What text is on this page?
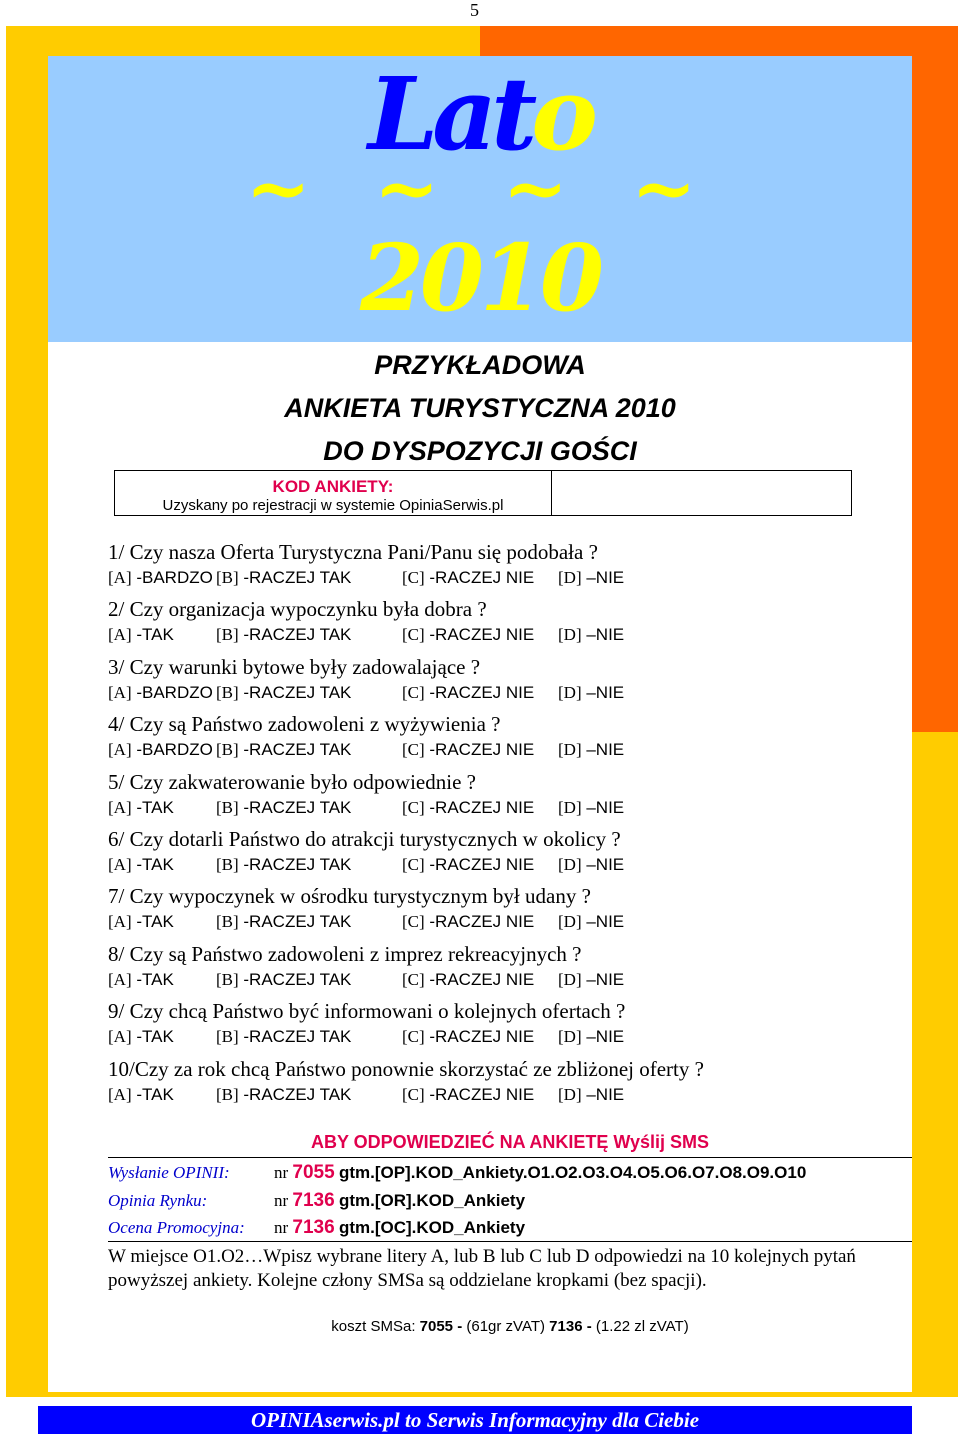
5
Lato
~ ~ ~ ~
2010
PRZYKŁADOWA
ANKIETA TURYSTYCZNA 2010
DO DYSPOZYCJI GOŚCI
KOD ANKIETY:
Uzyskany po rejestracji w systemie OpiniaSerwis.pl
1/ Czy nasza Oferta Turystyczna Pani/Panu się podobała ?
[A] -BARDZO [B] -RACZEJ TAK	[C] -RACZEJ NIE [D] –NIE
2/ Czy organizacja wypoczynku była dobra ?
[A] -TAK [B] -RACZEJ TAK	[C] -RACZEJ NIE [D] –NIE
3/ Czy warunki bytowe były zadowalające ?
[A] -BARDZO [B] -RACZEJ TAK	[C] -RACZEJ NIE [D] –NIE
4/ Czy są Państwo zadowoleni z wyżywienia ?
[A] -BARDZO [B] -RACZEJ TAK	[C] -RACZEJ NIE [D] –NIE
5/ Czy zakwaterowanie było odpowiednie ?
[A] -TAK [B] -RACZEJ TAK	[C] -RACZEJ NIE [D] –NIE
6/ Czy dotarli Państwo do atrakcji turystycznych w okolicy ?
[A] -TAK [B] -RACZEJ TAK	[C] -RACZEJ NIE [D] –NIE
7/ Czy wypoczynek w ośrodku turystycznym był udany ?
[A] -TAK [B] -RACZEJ TAK	[C] -RACZEJ NIE [D] –NIE
8/ Czy są Państwo zadowoleni z imprez rekreacyjnych ?
[A] -TAK [B] -RACZEJ TAK	[C] -RACZEJ NIE [D] –NIE
9/ Czy chcą Państwo być informowani o kolejnych ofertach ?
[A] -TAK [B] -RACZEJ TAK	[C] -RACZEJ NIE [D] –NIE
10/Czy za rok chcą Państwo ponownie skorzystać ze zbliżonej oferty ?
[A] -TAK [B] -RACZEJ TAK	[C] -RACZEJ NIE [D] –NIE
ABY ODPOWIEDZIEĆ NA ANKIETĘ Wyślij SMS
Wysłanie OPINII:	nr 7055 gtm.[OP].KOD_Ankiety.O1.O2.O3.O4.O5.O6.O7.O8.O9.O10
Opinia Rynku:	nr 7136 gtm.[OR].KOD_Ankiety
Ocena Promocyjna: nr 7136 gtm.[OC].KOD_Ankiety
W miejsce O1.O2…Wpisz wybrane litery A, lub B lub C lub D odpowiedzi na 10 kolejnych pytań powyższej ankiety. Kolejne człony SMSa są oddzielane kropkami (bez spacji).
koszt SMSa: 7055 - (61gr zVAT) 7136 - (1.22 zl zVAT)
OPINIAserwis.pl to Serwis Informacyjny dla Ciebie
